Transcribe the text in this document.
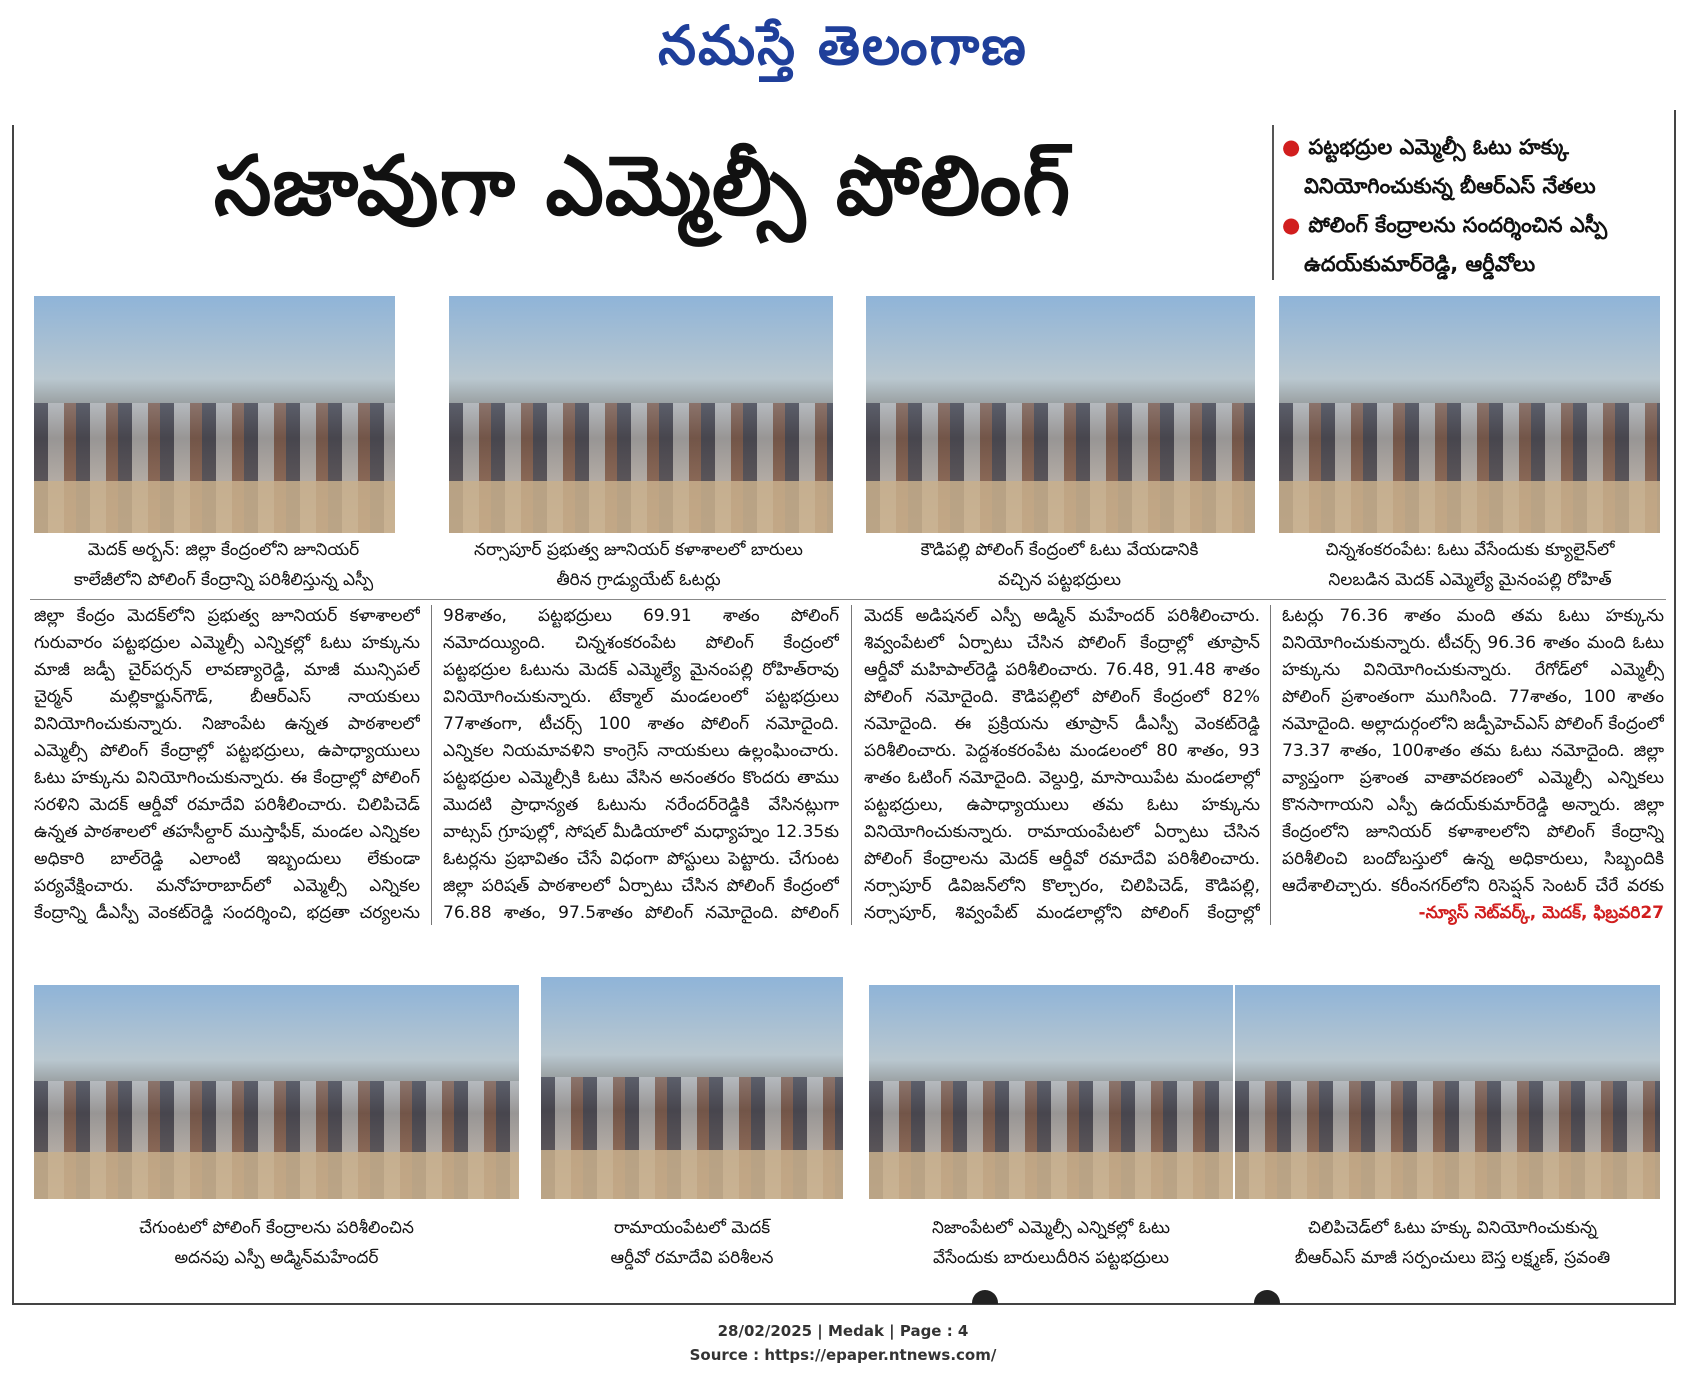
నమస్తే తెలంగాణ
సజావుగా ఎమ్మెల్సీ పోలింగ్	● పట్టభద్రుల ఎమ్మెల్సీ ఓటు హక్కు
వినియోగించుకున్న బీఆర్ఎస్ నేతలు
● పోలింగ్ కేంద్రాలను సందర్శించిన ఎస్పీ
ఉదయ్‌కుమార్‌రెడ్డి, ఆర్డీవోలు
మెదక్ అర్బన్: జిల్లా కేంద్రంలోని జూనియర్
కాలేజీలోని పోలింగ్ కేంద్రాన్ని పరిశీలిస్తున్న ఎస్పీ
నర్సాపూర్ ప్రభుత్వ జూనియర్ కళాశాలలో బారులు
తీరిన గ్రాడ్యుయేట్ ఓటర్లు
కౌడిపల్లి పోలింగ్ కేంద్రంలో ఓటు వేయడానికి
వచ్చిన పట్టభద్రులు
చిన్నశంకరంపేట: ఓటు వేసేందుకు క్యూలైన్‌లో
నిలబడిన మెదక్ ఎమ్మెల్యే మైనంపల్లి రోహిత్
జిల్లా కేంద్రం మెదక్‌లోని ప్రభుత్వ జూనియర్ కళాశాలలో గురువారం పట్టభద్రుల ఎమ్మెల్సీ ఎన్నికల్లో ఓటు హక్కును మాజీ జడ్పీ చైర్‌పర్సన్ లావణ్యారెడ్డి, మాజీ మున్సిపల్ చైర్మన్ మల్లికార్జున్‌గౌడ్, బీఆర్ఎస్ నాయకులు వినియోగించుకున్నారు. నిజాంపేట ఉన్నత పాఠశాలలో ఎమ్మెల్సీ పోలింగ్ కేంద్రాల్లో పట్టభద్రులు, ఉపాధ్యాయులు ఓటు హక్కును వినియోగించుకున్నారు. ఈ కేంద్రాల్లో పోలింగ్ సరళిని మెదక్ ఆర్డీవో రమాదేవి పరిశీలించారు. చిలిపిచెడ్ ఉన్నత పాఠశాలలో తహసీల్దార్ ముస్తాఫీక్, మండల ఎన్నికల అధికారి బాల్‌రెడ్డి ఎలాంటి ఇబ్బందులు లేకుండా పర్యవేక్షించారు. మనోహరాబాద్‌లో ఎమ్మెల్సీ ఎన్నికల కేంద్రాన్ని డీఎస్పీ వెంకట్‌రెడ్డి సందర్శించి, భద్రతా చర్యలను
98శాతం, పట్టభద్రులు 69.91 శాతం పోలింగ్ నమోదయ్యింది. చిన్నశంకరంపేట పోలింగ్ కేంద్రంలో పట్టభద్రుల ఓటును మెదక్ ఎమ్మెల్యే మైనంపల్లి రోహిత్‌రావు వినియోగించుకున్నారు. టేక్మాల్ మండలంలో పట్టభద్రులు 77శాతంగా, టీచర్స్ 100 శాతం పోలింగ్ నమోదైంది. ఎన్నికల నియమావళిని కాంగ్రెస్ నాయకులు ఉల్లంఘించారు. పట్టభద్రుల ఎమ్మెల్సీకి ఓటు వేసిన అనంతరం కొందరు తాము మొదటి ప్రాధాన్యత ఓటును నరేందర్‌రెడ్డికి వేసినట్లుగా వాట్సప్ గ్రూపుల్లో, సోషల్ మీడియాలో మధ్యాహ్నం 12.35కు ఓటర్లను ప్రభావితం చేసే విధంగా పోస్టులు పెట్టారు. చేగుంట జిల్లా పరిషత్ పాఠశాలలో ఏర్పాటు చేసిన పోలింగ్ కేంద్రంలో 76.88 శాతం, 97.5శాతం పోలింగ్ నమోదైంది. పోలింగ్
మెదక్ అడిషనల్ ఎస్పీ అడ్మిన్ మహేందర్ పరిశీలించారు. శివ్వంపేటలో ఏర్పాటు చేసిన పోలింగ్ కేంద్రాల్లో తూప్రాన్ ఆర్డీవో మహిపాల్‌రెడ్డి పరిశీలించారు. 76.48, 91.48 శాతం పోలింగ్ నమోదైంది. కౌడిపల్లిలో పోలింగ్ కేంద్రంలో 82% నమోదైంది. ఈ ప్రక్రియను తూప్రాన్ డీఎస్పీ వెంకట్‌రెడ్డి పరిశీలించారు. పెద్దశంకరంపేట మండలంలో 80 శాతం, 93 శాతం ఓటింగ్ నమోదైంది. వెల్దుర్తి, మాసాయిపేట మండలాల్లో పట్టభద్రులు, ఉపాధ్యాయులు తమ ఓటు హక్కును వినియోగించుకున్నారు. రామాయంపేటలో ఏర్పాటు చేసిన పోలింగ్ కేంద్రాలను మెదక్ ఆర్డీవో రమాదేవి పరిశీలించారు. నర్సాపూర్ డివిజన్‌లోని కొల్చారం, చిలిపిచెడ్, కౌడిపల్లి, నర్సాపూర్, శివ్వంపేట్ మండలాల్లోని పోలింగ్ కేంద్రాల్లో
ఓటర్లు 76.36 శాతం మంది తమ ఓటు హక్కును వినియోగించుకున్నారు. టీచర్స్ 96.36 శాతం మంది ఓటు హక్కును వినియోగించుకున్నారు. రేగోడ్‌లో ఎమ్మెల్సీ పోలింగ్ ప్రశాంతంగా ముగిసింది. 77శాతం, 100 శాతం నమోదైంది. అల్లాదుర్గంలోని జడ్పీహెచ్ఎస్ పోలింగ్ కేంద్రంలో 73.37 శాతం, 100శాతం తమ ఓటు నమోదైంది. జిల్లా వ్యాప్తంగా ప్రశాంత వాతావరణంలో ఎమ్మెల్సీ ఎన్నికలు కొనసాగాయని ఎస్పీ ఉదయ్‌కుమార్‌రెడ్డి అన్నారు. జిల్లా కేంద్రంలోని జూనియర్ కళాశాలలోని పోలింగ్ కేంద్రాన్ని పరిశీలించి బందోబస్తులో ఉన్న అధికారులు, సిబ్బందికి ఆదేశాలిచ్చారు. కరీంనగర్‌లోని రిసెప్షన్ సెంటర్ చేరే వరకు
-న్యూస్ నెట్‌వర్క్, మెదక్, ఫిబ్రవరి27
చేగుంటలో పోలింగ్ కేంద్రాలను పరిశీలించిన
అదనపు ఎస్పీ అడ్మిన్‌మహేందర్
రామాయంపేటలో మెదక్
ఆర్డీవో రమాదేవి పరిశీలన
నిజాంపేటలో ఎమ్మెల్సీ ఎన్నికల్లో ఓటు
వేసేందుకు బారులుదీరిన పట్టభద్రులు
చిలిపిచెడ్‌లో ఓటు హక్కు వినియోగించుకున్న
బీఆర్ఎస్ మాజీ సర్పంచులు బెస్త లక్ష్మణ్, స్రవంతి
28/02/2025 | Medak | Page : 4
Source : https://epaper.ntnews.com/
